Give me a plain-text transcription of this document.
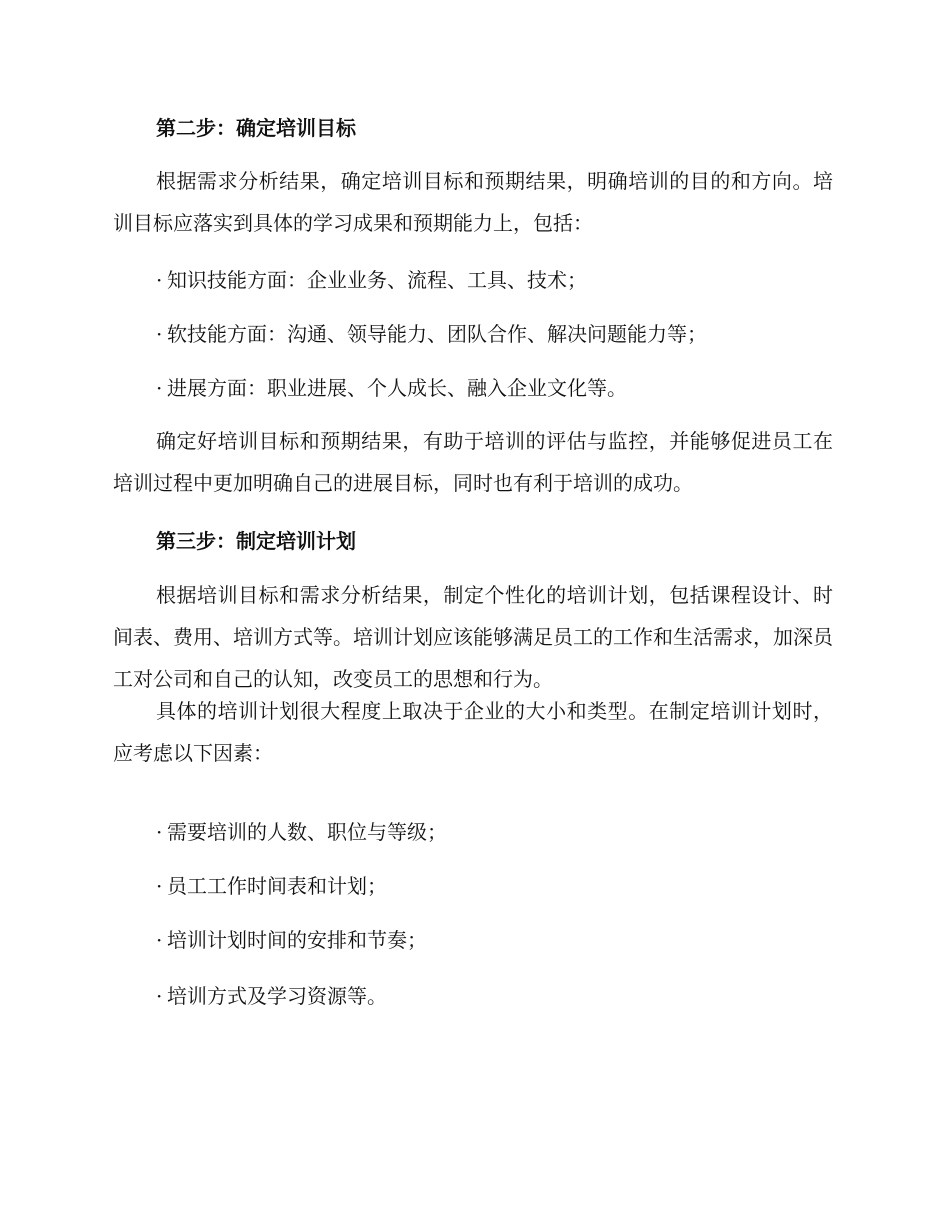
第二步：确定培训目标

根据需求分析结果，确定培训目标和预期结果，明确培训的目的和方向。培训目标应落实到具体的学习成果和预期能力上，包括：

· 知识技能方面：企业业务、流程、工具、技术；
· 软技能方面：沟通、领导能力、团队合作、解决问题能力等；
· 进展方面：职业进展、个人成长、融入企业文化等。

确定好培训目标和预期结果，有助于培训的评估与监控，并能够促进员工在培训过程中更加明确自己的进展目标，同时也有利于培训的成功。

第三步：制定培训计划

根据培训目标和需求分析结果，制定个性化的培训计划，包括课程设计、时间表、费用、培训方式等。培训计划应该能够满足员工的工作和生活需求，加深员工对公司和自己的认知，改变员工的思想和行为。

具体的培训计划很大程度上取决于企业的大小和类型。在制定培训计划时，应考虑以下因素：

· 需要培训的人数、职位与等级；
· 员工工作时间表和计划；
· 培训计划时间的安排和节奏；
· 培训方式及学习资源等。
